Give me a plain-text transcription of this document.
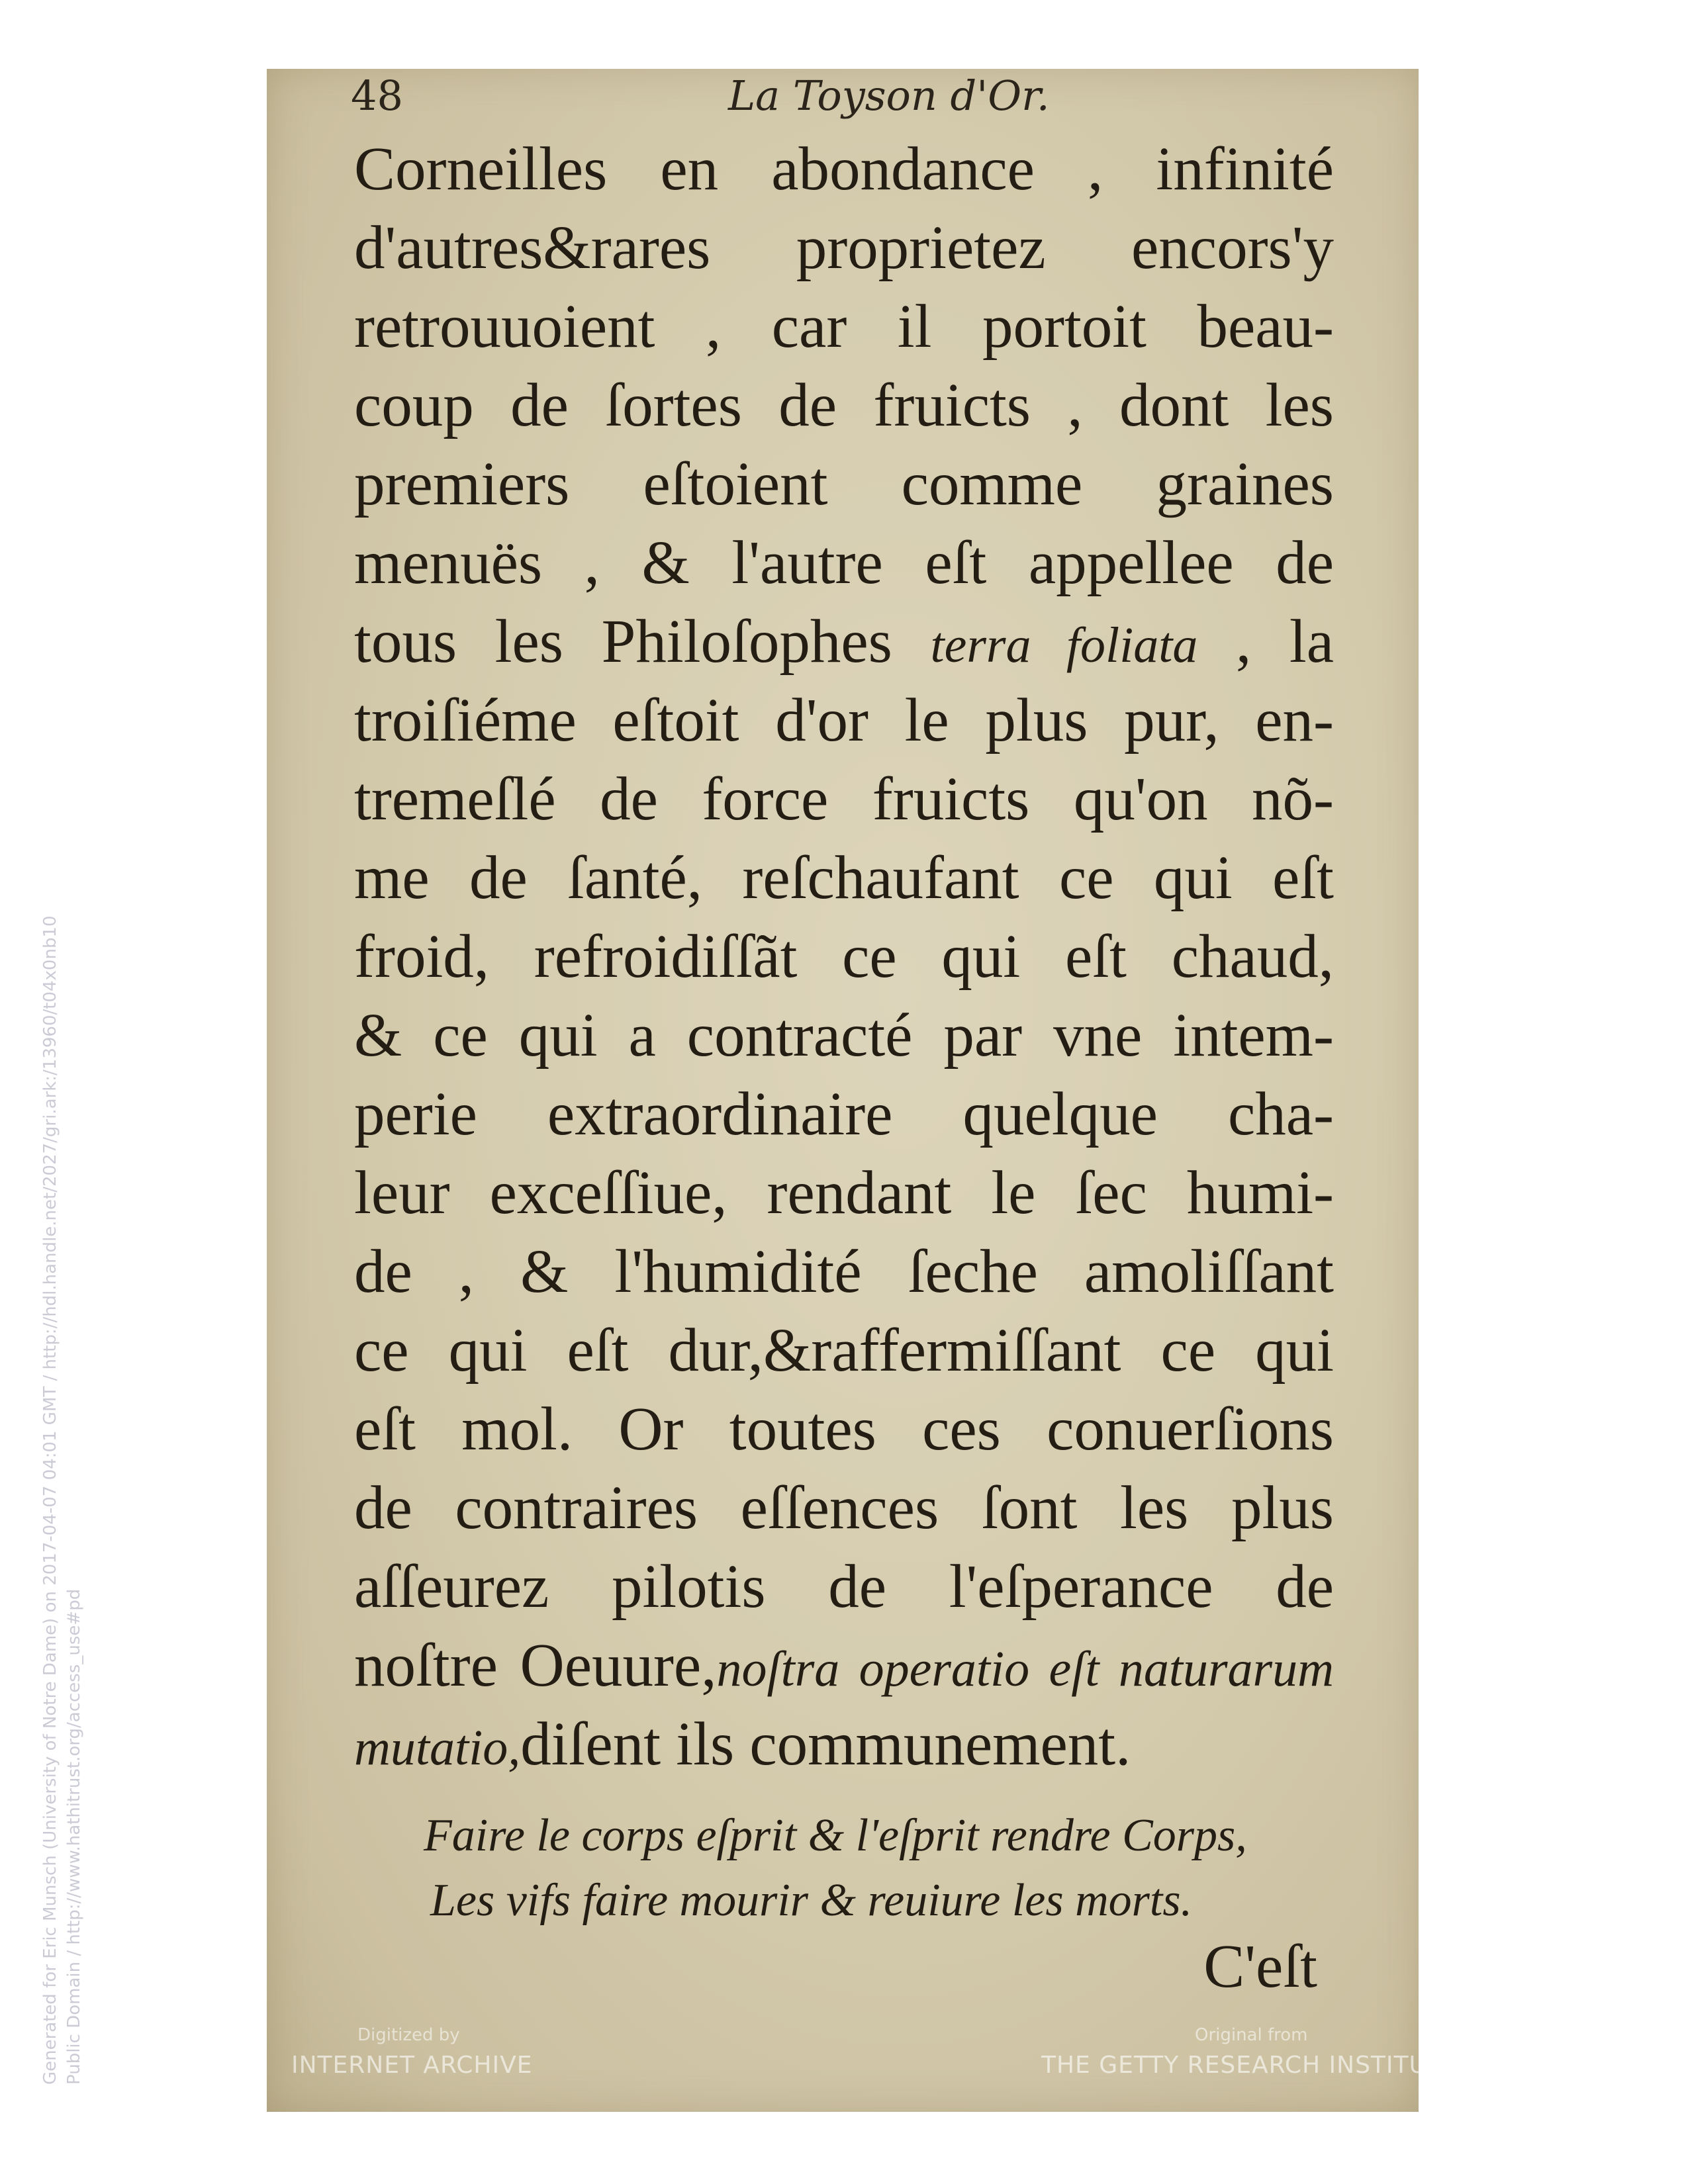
48	La Toyson d'Or.
Corneilles en abondance , infinité
d'autres&rares proprietez encors'y
retrouuoient , car il portoit beau-
coup de ſortes de fruicts , dont les
premiers eſtoient comme graines
menuës , & l'autre eſt appellee de
tous les Philoſophes terra foliata , la
troiſiéme eſtoit d'or le plus pur, en-
tremeſlé de force fruicts qu'on nõ-
me de ſanté, reſchaufant ce qui eſt
froid, refroidiſſãt ce qui eſt chaud,
& ce qui a contracté par vne intem-
perie extraordinaire quelque cha-
leur exceſſiue, rendant le ſec humi-
de , & l'humidité ſeche amoliſſant
ce qui eſt dur,&raffermiſſant ce qui
eſt mol. Or toutes ces conuerſions
de contraires eſſences ſont les plus
aſſeurez pilotis de l'eſperance de
noſtre Oeuure,noſtra operatio eſt naturarum
mutatio,diſent ils communement.
Faire le corps eſprit & l'eſprit rendre Corps,
Les vifs faire mourir & reuiure les morts.
C'eſt
Digitized by
INTERNET ARCHIVE
Original from
THE GETTY RESEARCH INSTITUTE
Generated for Eric Munsch (University of Notre Dame) on 2017-04-07 04:01 GMT / http://hdl.handle.net/2027/gri.ark:/13960/t04x0nb10 Public Domain / http://www.hathitrust.org/access_use#pd
